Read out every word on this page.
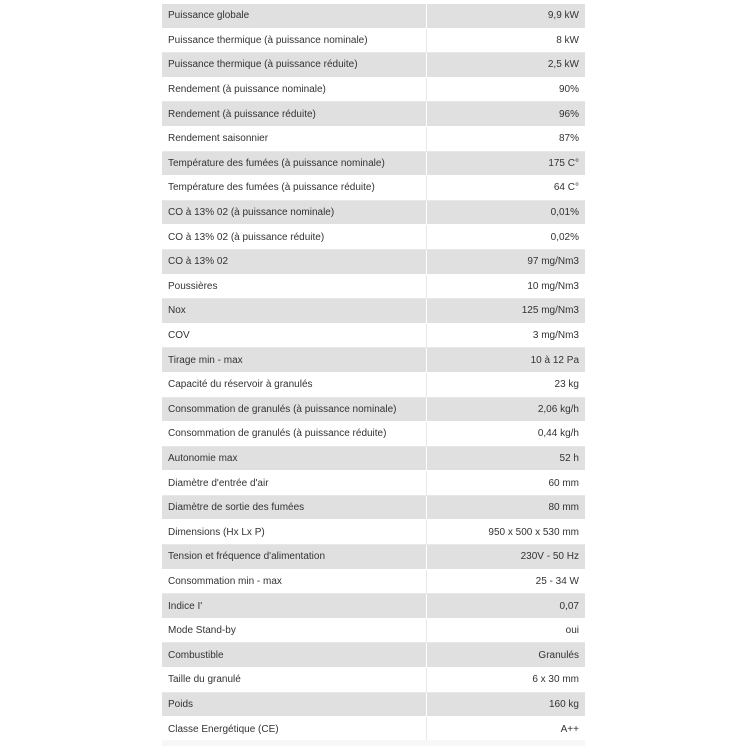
Puissance globale	9,9 kW
Puissance thermique (à puissance nominale)	8 kW
Puissance thermique (à puissance réduite)	2,5 kW
Rendement (à puissance nominale)	90%
Rendement (à puissance réduite)	96%
Rendement saisonnier	87%
Température des fumées (à puissance nominale)	175 C°
Température des fumées (à puissance réduite)	64 C°
CO à 13% 02 (à puissance nominale)	0,01%
CO à 13% 02 (à puissance réduite)	0,02%
CO à 13% 02	97 mg/Nm3
Poussières	10 mg/Nm3
Nox	125 mg/Nm3
COV	3 mg/Nm3
Tirage min - max	10 à 12 Pa
Capacité du réservoir à granulés	23 kg
Consommation de granulés (à puissance nominale)	2,06 kg/h
Consommation de granulés (à puissance réduite)	0,44 kg/h
Autonomie max	52 h
Diamètre d'entrée d'air	60 mm
Diamètre de sortie des fumées	80 mm
Dimensions (Hx Lx P)	950 x 500 x 530 mm
Tension et fréquence d'alimentation	230V - 50 Hz
Consommation min - max	25 - 34 W
Indice I'	0,07
Mode Stand-by	oui
Combustible	Granulés
Taille du granulé	6 x 30 mm
Poids	160 kg
Classe Energétique (CE)	A++
